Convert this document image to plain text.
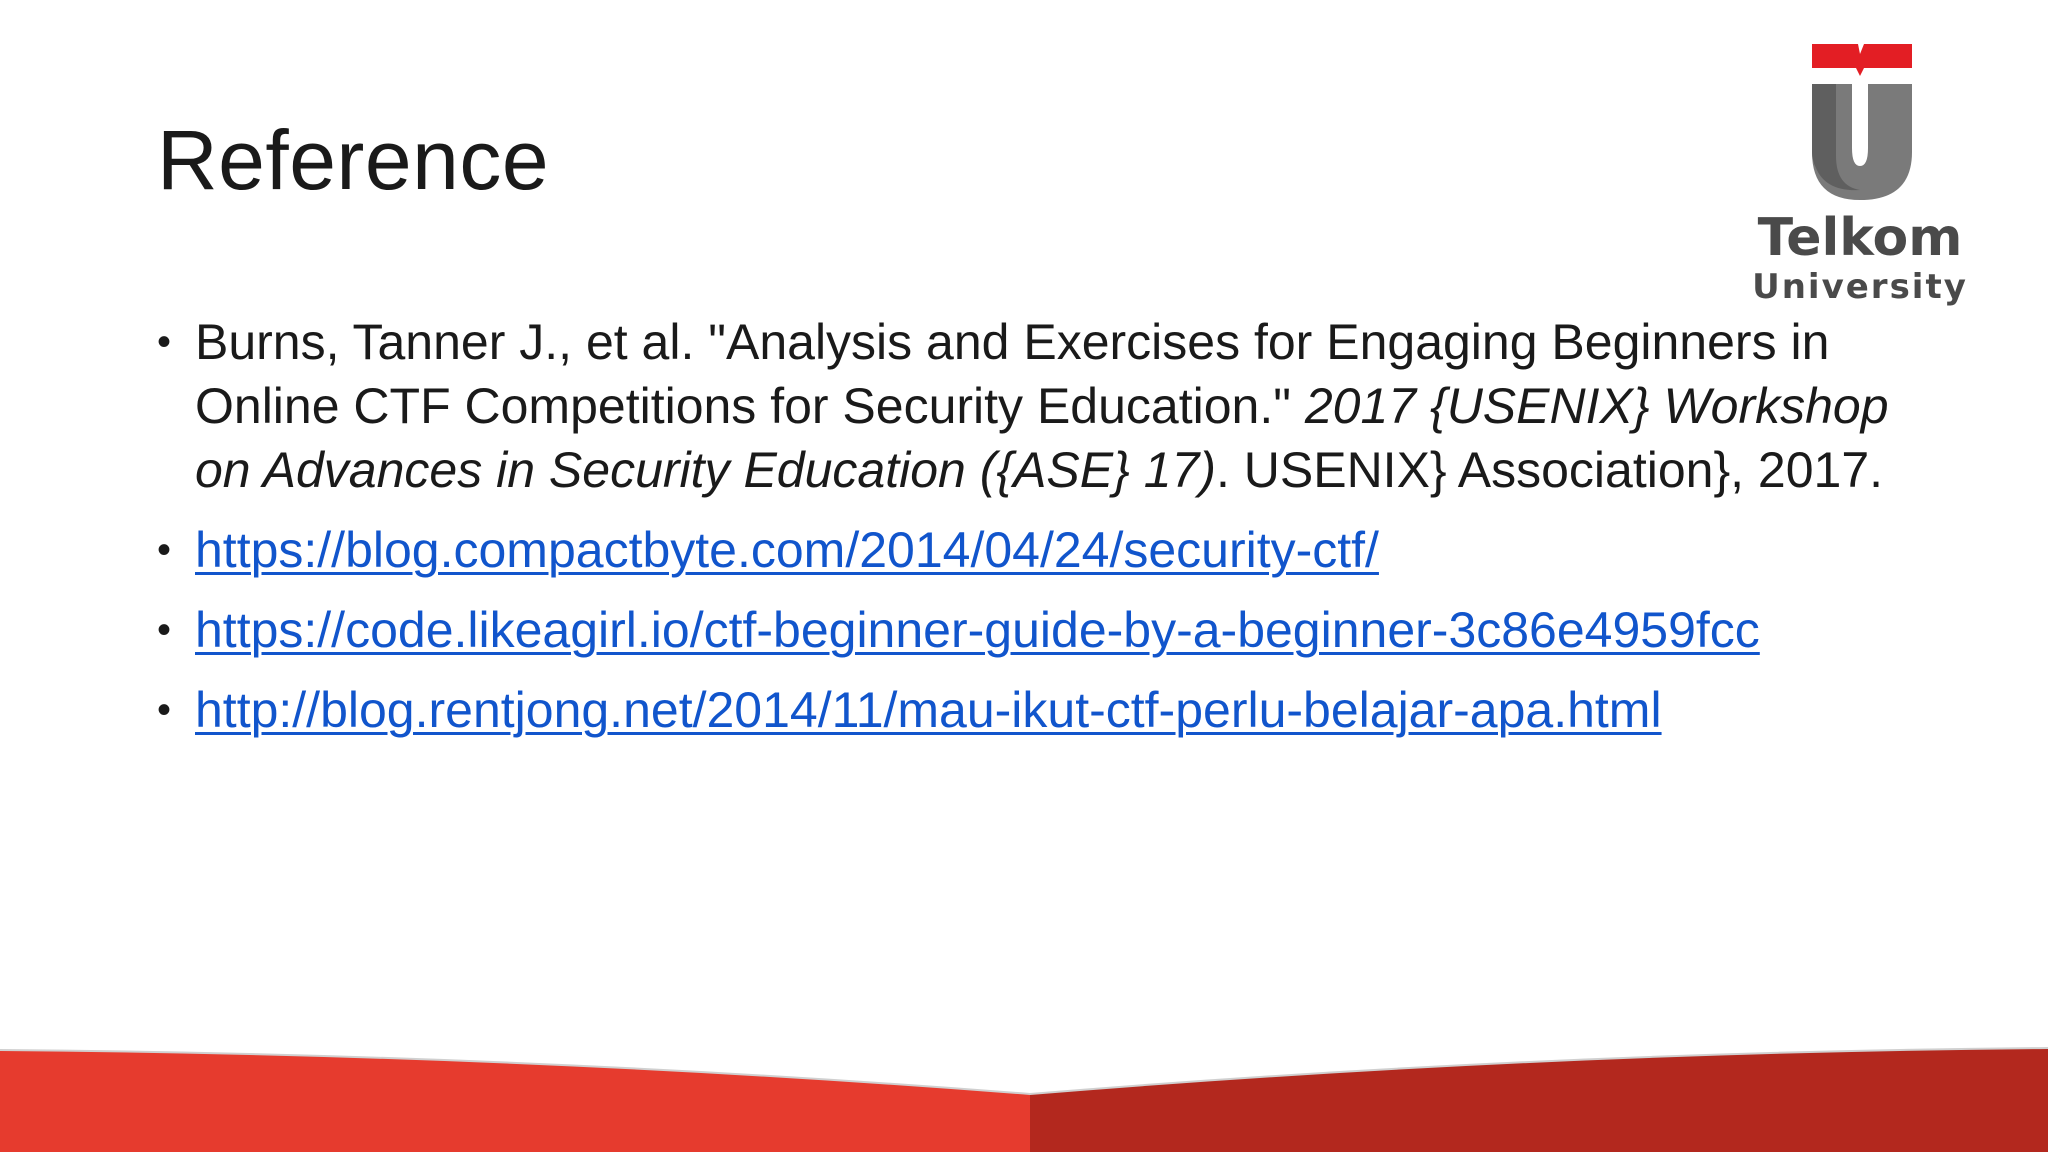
Reference
Telkom
University
• Burns, Tanner J., et al. "Analysis and Exercises for Engaging Beginners in Online CTF Competitions for Security Education." 2017 {USENIX} Workshop on Advances in Security Education ({ASE} 17). USENIX} Association}, 2017.
• https://blog.compactbyte.com/2014/04/24/security-ctf/
• https://code.likeagirl.io/ctf-beginner-guide-by-a-beginner-3c86e4959fcc
• http://blog.rentjong.net/2014/11/mau-ikut-ctf-perlu-belajar-apa.html
